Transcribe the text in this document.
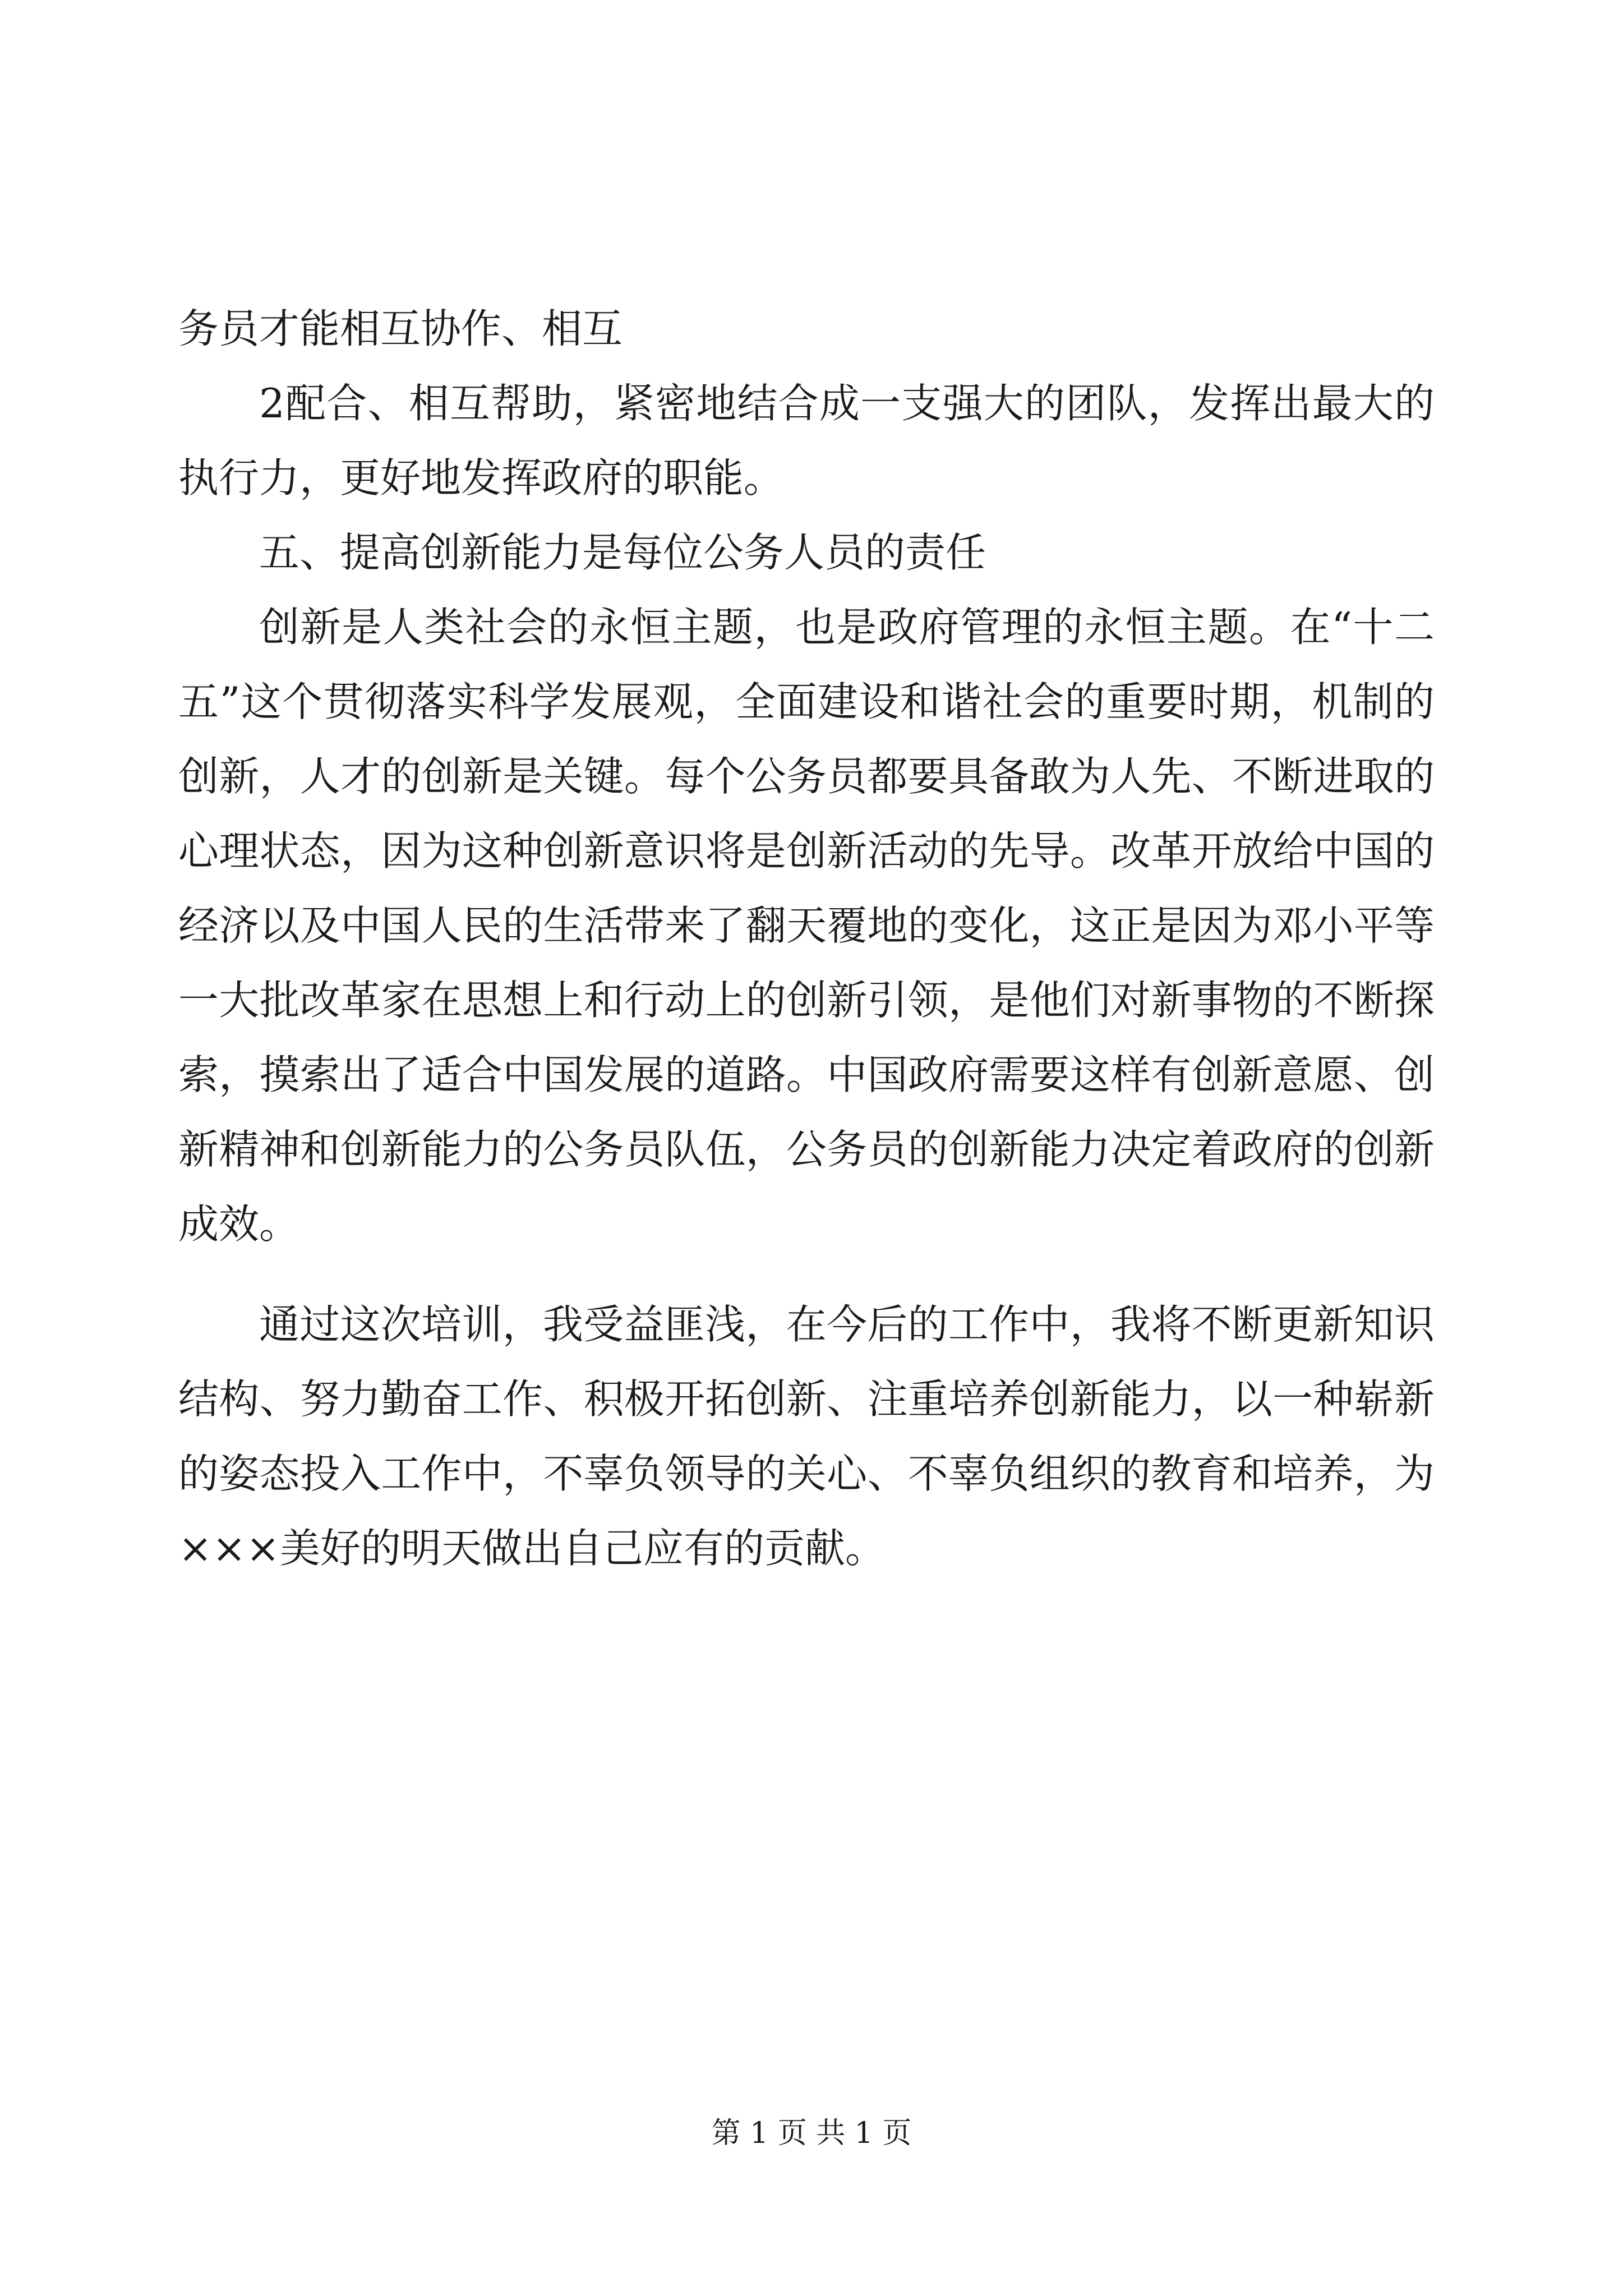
务员才能相互协作、相互

2配合、相互帮助，紧密地结合成一支强大的团队，发挥出最大的执行力，更好地发挥政府的职能。

五、提高创新能力是每位公务人员的责任

创新是人类社会的永恒主题，也是政府管理的永恒主题。在“十二五”这个贯彻落实科学发展观，全面建设和谐社会的重要时期，机制的创新，人才的创新是关键。每个公务员都要具备敢为人先、不断进取的心理状态，因为这种创新意识将是创新活动的先导。改革开放给中国的经济以及中国人民的生活带来了翻天覆地的变化，这正是因为邓小平等一大批改革家在思想上和行动上的创新引领，是他们对新事物的不断探索，摸索出了适合中国发展的道路。中国政府需要这样有创新意愿、创新精神和创新能力的公务员队伍，公务员的创新能力决定着政府的创新成效。

通过这次培训，我受益匪浅，在今后的工作中，我将不断更新知识结构、努力勤奋工作、积极开拓创新、注重培养创新能力，以一种崭新的姿态投入工作中，不辜负领导的关心、不辜负组织的教育和培养，为×××美好的明天做出自己应有的贡献。

第 1 页 共 1 页
